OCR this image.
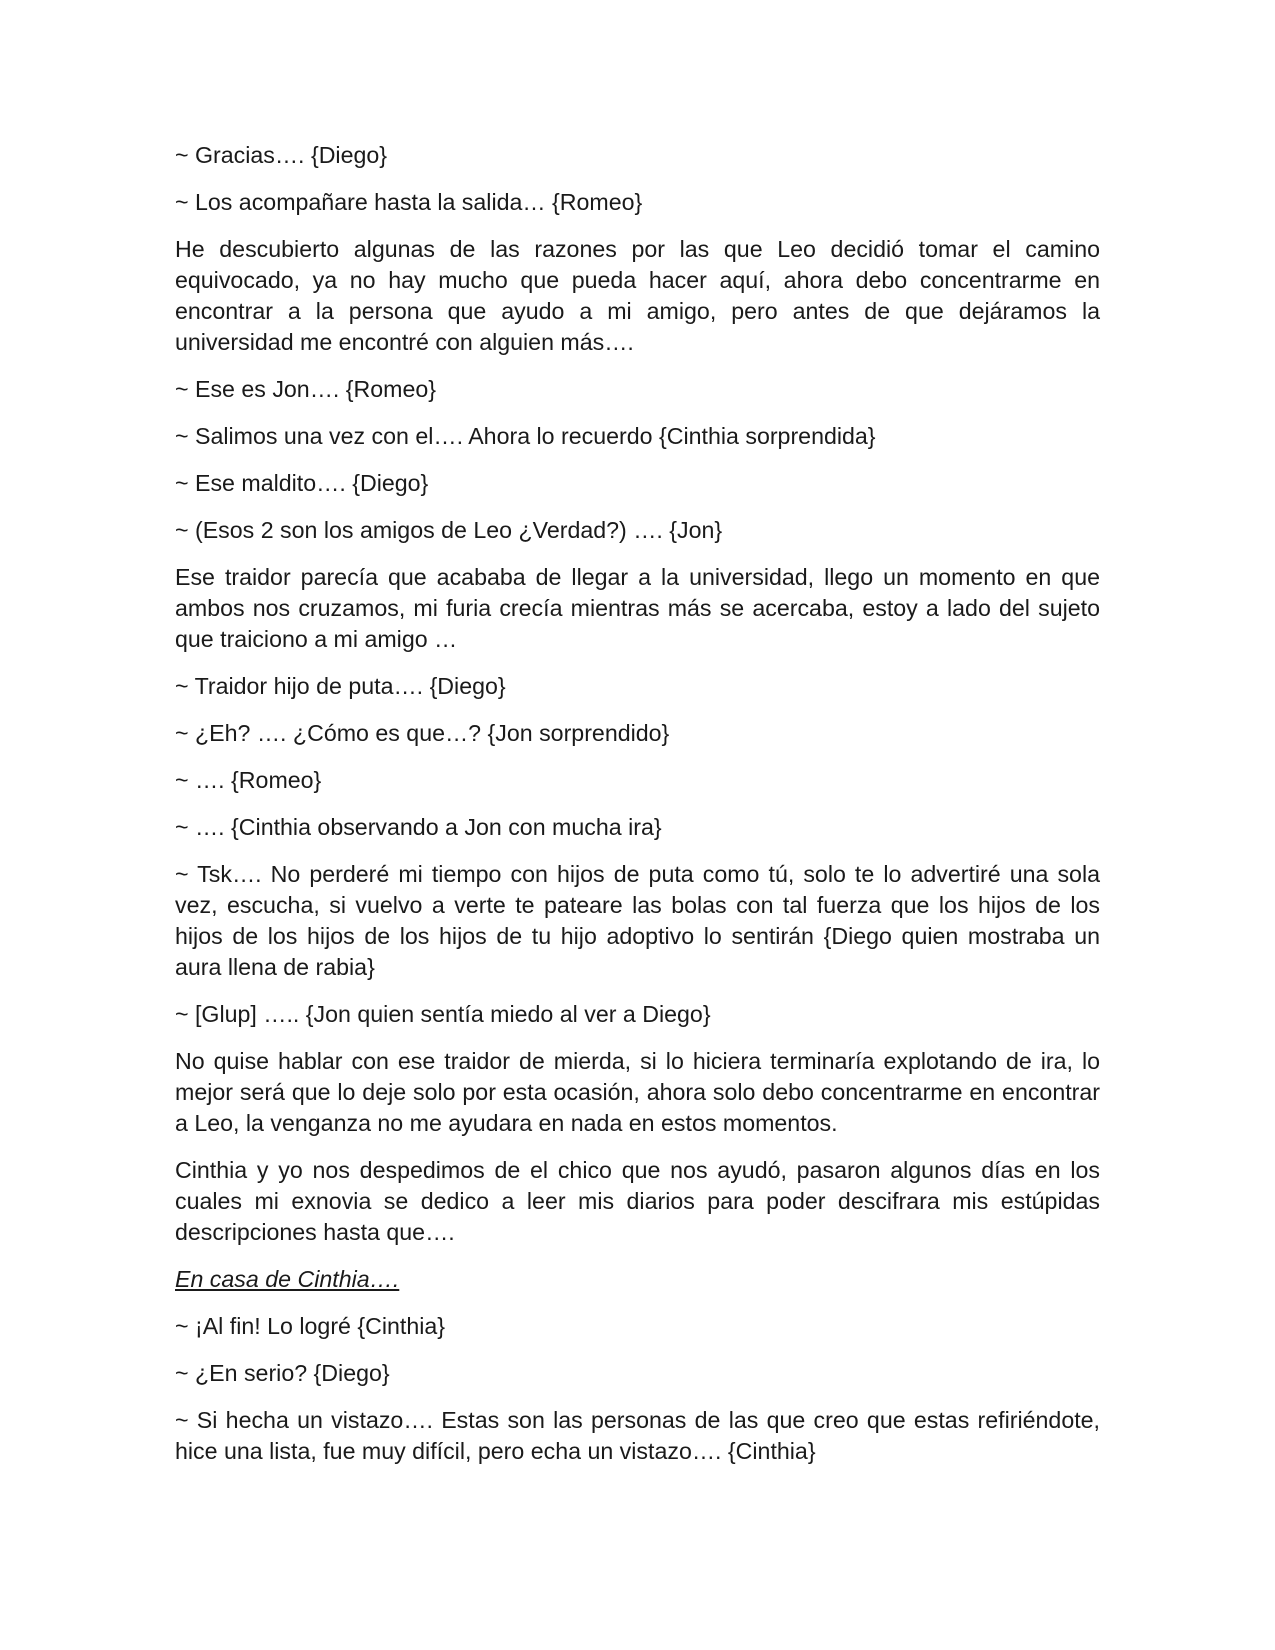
~ Gracias…. {Diego}

~ Los acompañare hasta la salida… {Romeo}

He descubierto algunas de las razones por las que Leo decidió tomar el camino equivocado, ya no hay mucho que pueda hacer aquí, ahora debo concentrarme en encontrar a la persona que ayudo a mi amigo, pero antes de que dejáramos la universidad me encontré con alguien más….

~ Ese es Jon…. {Romeo}

~ Salimos una vez con el…. Ahora lo recuerdo {Cinthia sorprendida}

~ Ese maldito…. {Diego}

~ (Esos 2 son los amigos de Leo ¿Verdad?) …. {Jon}

Ese traidor parecía que acababa de llegar a la universidad, llego un momento en que ambos nos cruzamos, mi furia crecía mientras más se acercaba, estoy a lado del sujeto que traiciono a mi amigo …

~ Traidor hijo de puta…. {Diego}

~ ¿Eh? …. ¿Cómo es que…? {Jon sorprendido}

~ …. {Romeo}

~ …. {Cinthia observando a Jon con mucha ira}

~ Tsk…. No perderé mi tiempo con hijos de puta como tú, solo te lo advertiré una sola vez, escucha, si vuelvo a verte te pateare las bolas con tal fuerza que los hijos de los hijos de los hijos de los hijos de tu hijo adoptivo lo sentirán {Diego quien mostraba un aura llena de rabia}

~ [Glup] ….. {Jon quien sentía miedo al ver a Diego}

No quise hablar con ese traidor de mierda, si lo hiciera terminaría explotando de ira, lo mejor será que lo deje solo por esta ocasión, ahora solo debo concentrarme en encontrar a Leo, la venganza no me ayudara en nada en estos momentos.

Cinthia y yo nos despedimos de el chico que nos ayudó, pasaron algunos días en los cuales mi exnovia se dedico a leer mis diarios para poder descifrara mis estúpidas descripciones hasta que….

En casa de Cinthia….

~ ¡Al fin! Lo logré {Cinthia}

~ ¿En serio? {Diego}

~ Si hecha un vistazo…. Estas son las personas de las que creo que estas refiriéndote, hice una lista, fue muy difícil, pero echa un vistazo…. {Cinthia}
